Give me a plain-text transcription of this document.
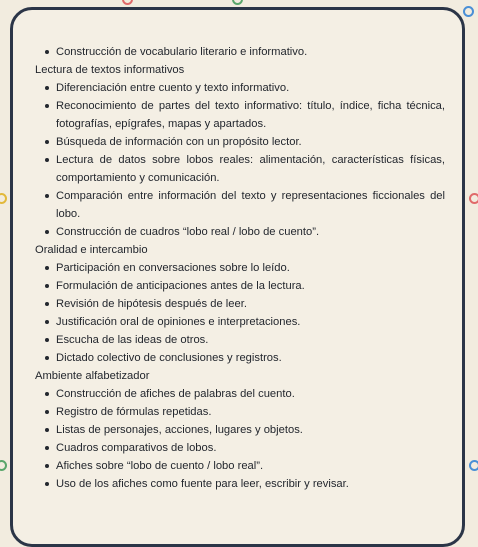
Construcción de vocabulario literario e informativo.
Lectura de textos informativos
Diferenciación entre cuento y texto informativo.
Reconocimiento de partes del texto informativo: título, índice, ficha técnica, fotografías, epígrafes, mapas y apartados.
Búsqueda de información con un propósito lector.
Lectura de datos sobre lobos reales: alimentación, características físicas, comportamiento y comunicación.
Comparación entre información del texto y representaciones ficcionales del lobo.
Construcción de cuadros “lobo real / lobo de cuento”.
Oralidad e intercambio
Participación en conversaciones sobre lo leído.
Formulación de anticipaciones antes de la lectura.
Revisión de hipótesis después de leer.
Justificación oral de opiniones e interpretaciones.
Escucha de las ideas de otros.
Dictado colectivo de conclusiones y registros.
Ambiente alfabetizador
Construcción de afiches de palabras del cuento.
Registro de fórmulas repetidas.
Listas de personajes, acciones, lugares y objetos.
Cuadros comparativos de lobos.
Afiches sobre “lobo de cuento / lobo real”.
Uso de los afiches como fuente para leer, escribir y revisar.
